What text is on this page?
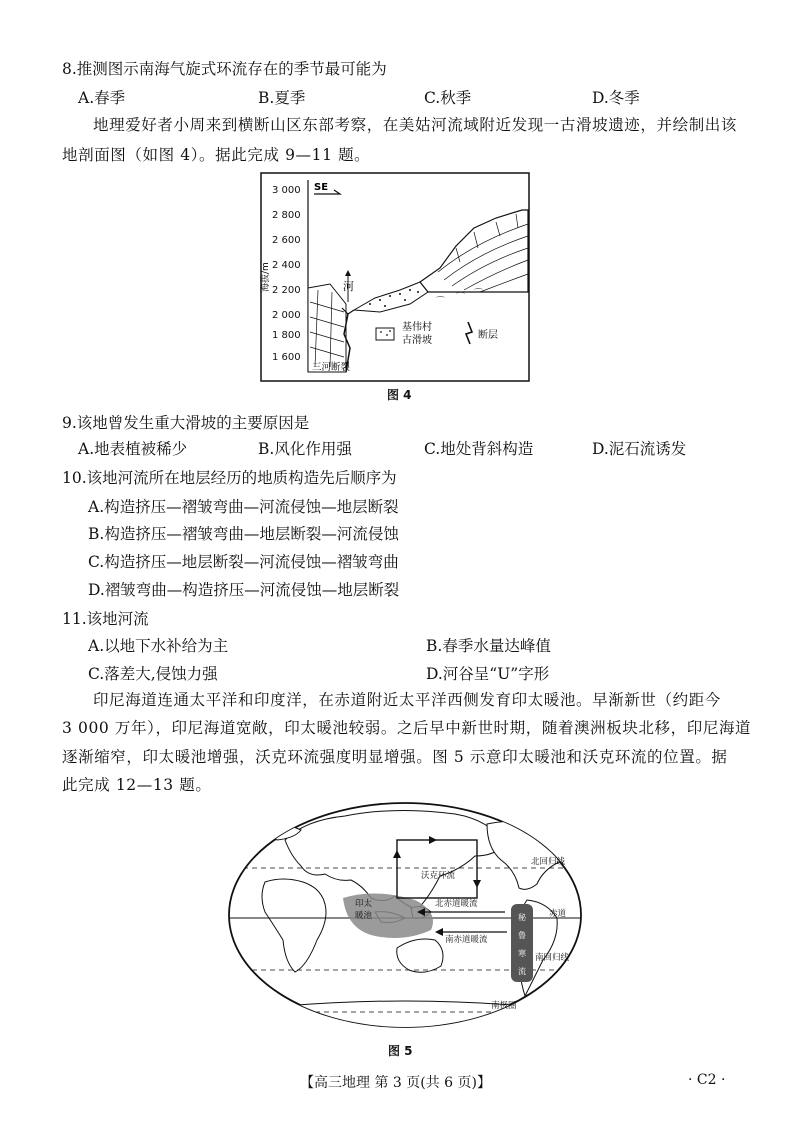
8.推测图示南海气旋式环流存在的季节最可能为
A.春季	B.夏季	C.秋季	D.冬季
地理爱好者小周来到横断山区东部考察，在美姑河流域附近发现一古滑坡遗迹，并绘制出该地剖面图（如图 4）。据此完成 9—11 题。
3 000
2 800
2 600
2 400
2 200
2 000
1 800
1 600
海拔/m
SE
河
三河断裂
⌒ ⌒ ⌒
基伟村
古滑坡	断层
图 4
9.该地曾发生重大滑坡的主要原因是
A.地表植被稀少	B.风化作用强	C.地处背斜构造	D.泥石流诱发
10.该地河流所在地层经历的地质构造先后顺序为
A.构造挤压—褶皱弯曲—河流侵蚀—地层断裂
B.构造挤压—褶皱弯曲—地层断裂—河流侵蚀
C.构造挤压—地层断裂—河流侵蚀—褶皱弯曲
D.褶皱弯曲—构造挤压—河流侵蚀—地层断裂
11.该地河流
A.以地下水补给为主	B.春季水量达峰值
C.落差大,侵蚀力强	D.河谷呈“U”字形
印尼海道连通太平洋和印度洋，在赤道附近太平洋西侧发育印太暖池。早渐新世（约距今
3 000 万年），印尼海道宽敞，印太暖池较弱。之后早中新世时期，随着澳洲板块北移，印尼海道
逐渐缩窄，印太暖池增强，沃克环流强度明显增强。图 5 示意印太暖池和沃克环流的位置。据
此完成 12—13 题。
沃克环流
印太
暖池
北赤道暖流
南赤道暖流
北回归线
赤道
南回归线
南极圈
秘
鲁
寒
流
图 5
【高三地理 第 3 页(共 6 页)】	· C2 ·
